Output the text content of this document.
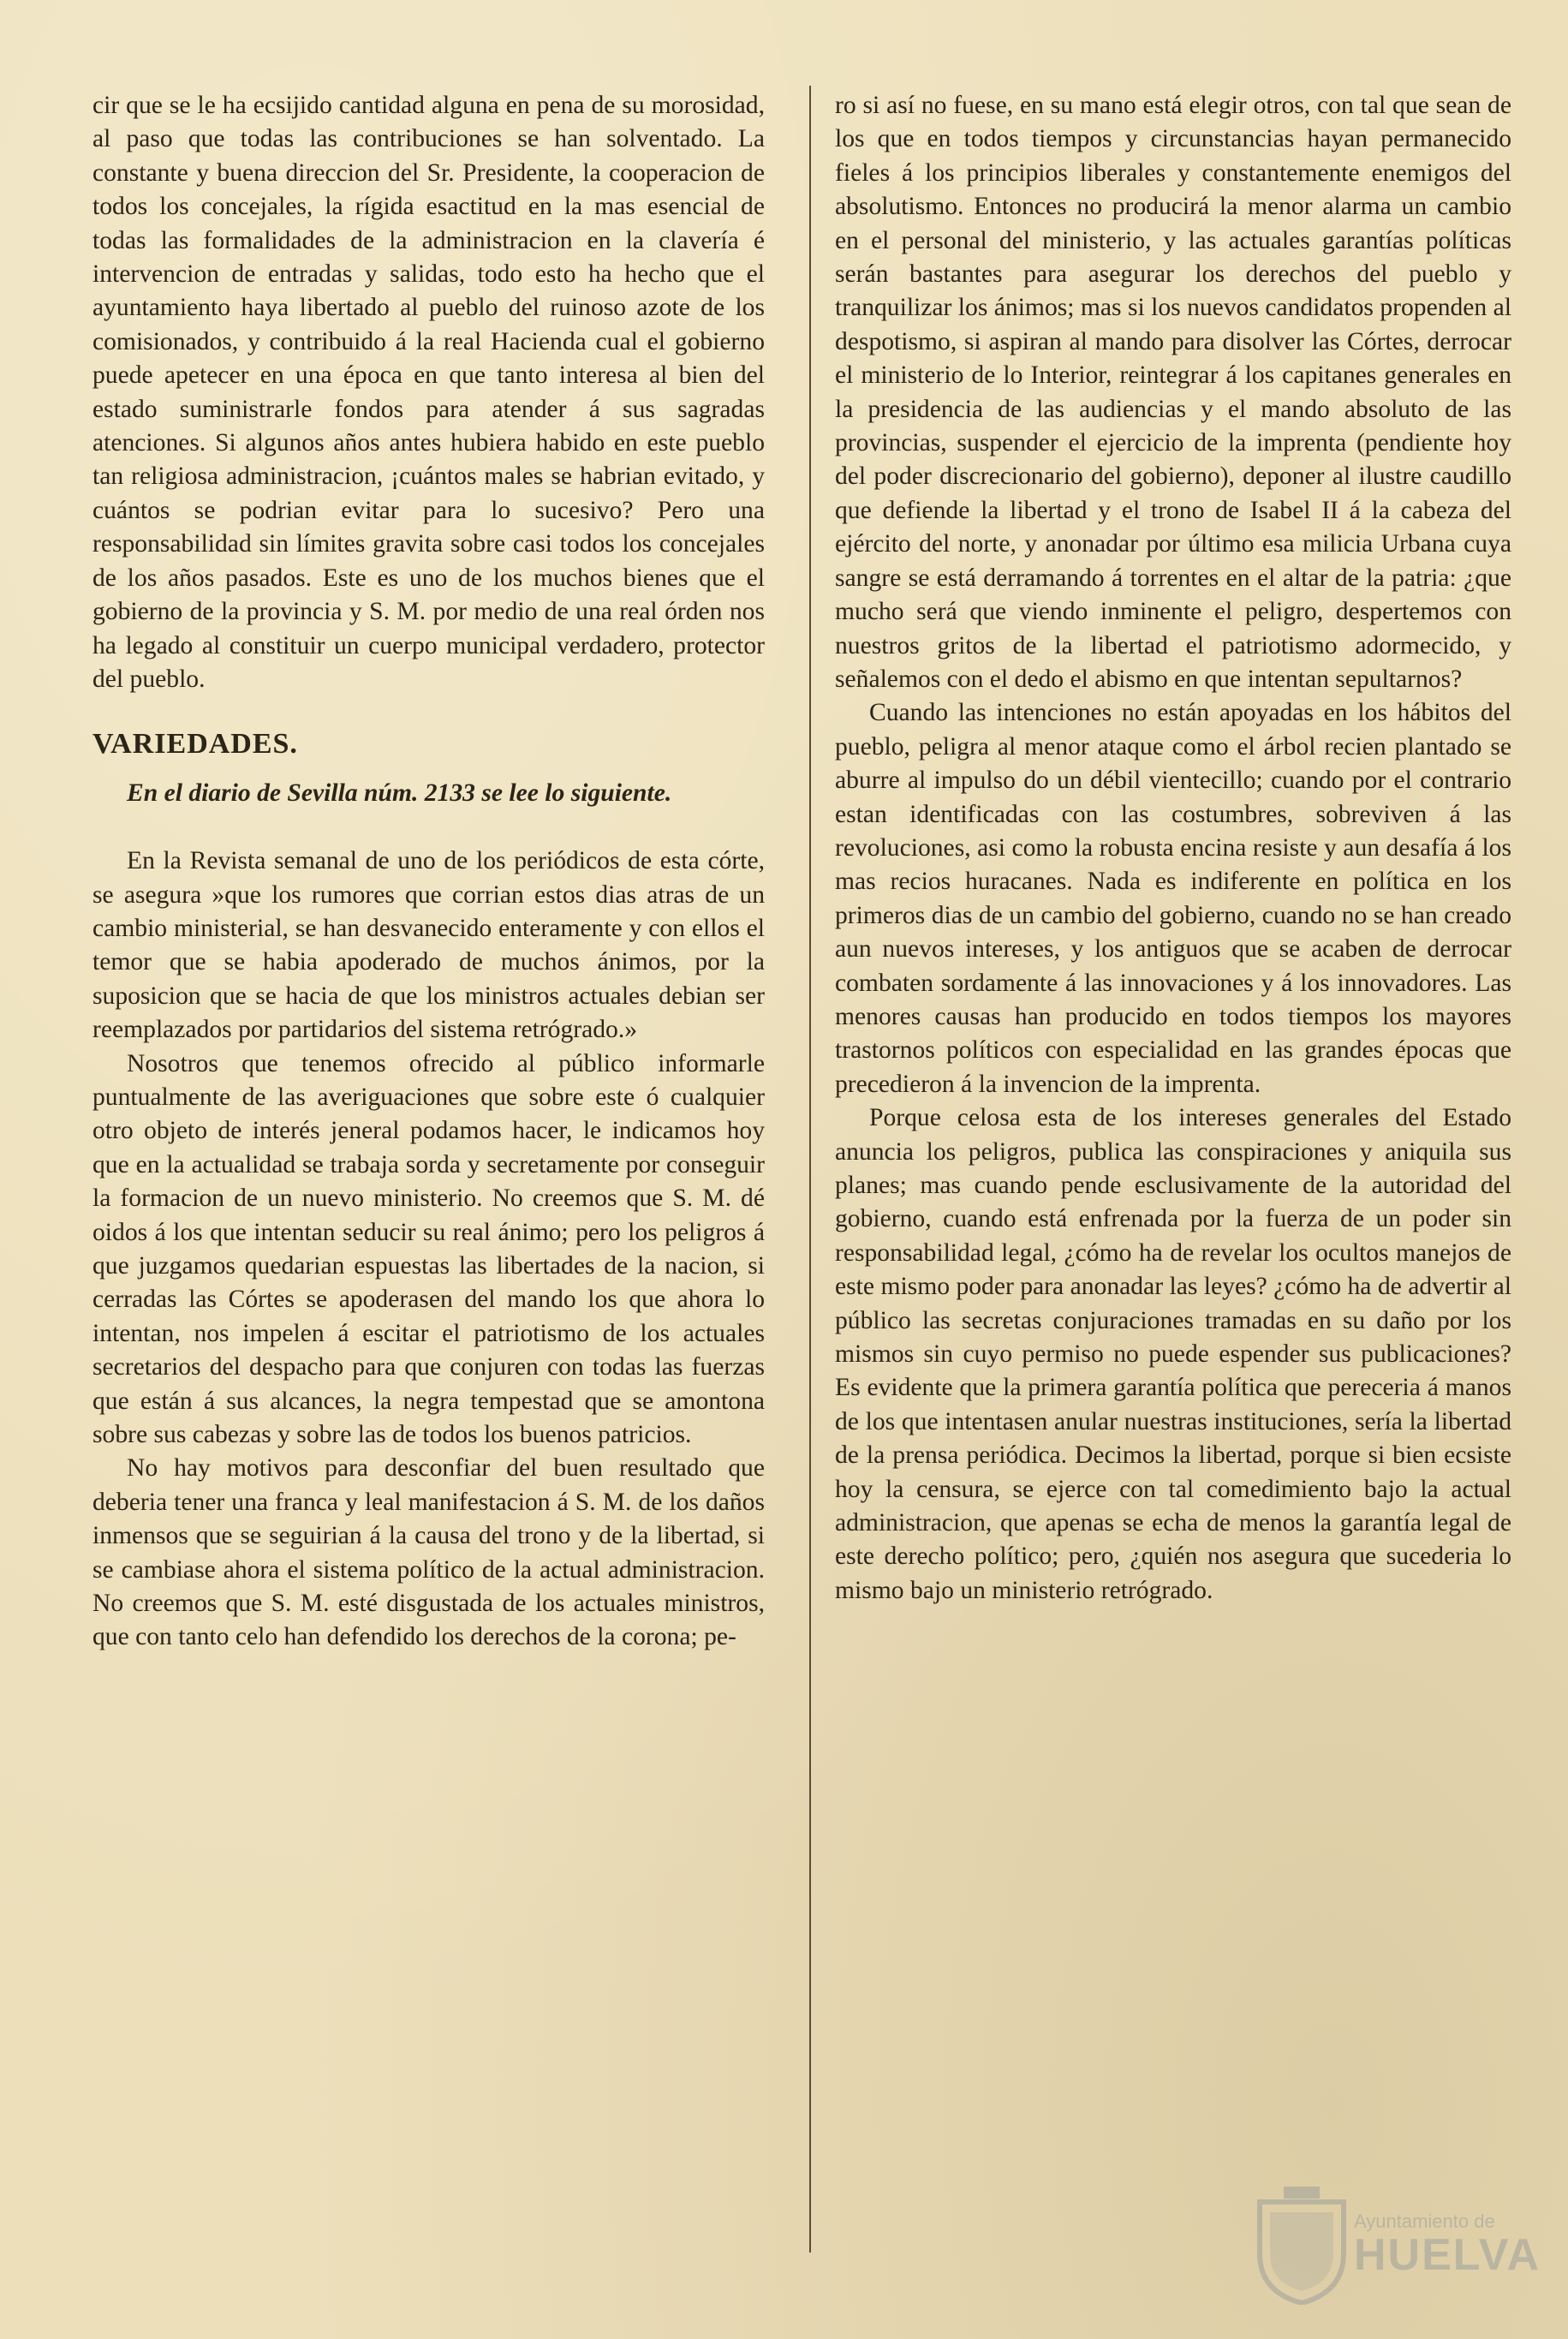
cir que se le ha ecsijido cantidad alguna en pena de su morosidad, al paso que todas las contribuciones se han solventado. La constante y buena direccion del Sr. Presidente, la cooperacion de todos los concejales, la rígida esactitud en la mas esencial de todas las formalidades de la administracion en la clavería é intervencion de entradas y salidas, todo esto ha hecho que el ayuntamiento haya libertado al pueblo del ruinoso azote de los comisionados, y contribuido á la real Hacienda cual el gobierno puede apetecer en una época en que tanto interesa al bien del estado suministrarle fondos para atender á sus sagradas atenciones. Si algunos años antes hubiera habido en este pueblo tan religiosa administracion, ¡cuántos males se habrian evitado, y cuántos se podrian evitar para lo sucesivo? Pero una responsabilidad sin límites gravita sobre casi todos los concejales de los años pasados. Este es uno de los muchos bienes que el gobierno de la provincia y S. M. por medio de una real órden nos ha legado al constituir un cuerpo municipal verdadero, protector del pueblo.

VARIEDADES.

En el diario de Sevilla núm. 2133 se lee lo siguiente.

En la Revista semanal de uno de los periódicos de esta córte, se asegura »que los rumores que corrian estos dias atras de un cambio ministerial, se han desvanecido enteramente y con ellos el temor que se habia apoderado de muchos ánimos, por la suposicion que se hacia de que los ministros actuales debian ser reemplazados por partidarios del sistema retrógrado.»

Nosotros que tenemos ofrecido al público informarle puntualmente de las averiguaciones que sobre este ó cualquier otro objeto de interés jeneral podamos hacer, le indicamos hoy que en la actualidad se trabaja sorda y secretamente por conseguir la formacion de un nuevo ministerio. No creemos que S. M. dé oidos á los que intentan seducir su real ánimo; pero los peligros á que juzgamos quedarian espuestas las libertades de la nacion, si cerradas las Córtes se apoderasen del mando los que ahora lo intentan, nos impelen á escitar el patriotismo de los actuales secretarios del despacho para que conjuren con todas las fuerzas que están á sus alcances, la negra tempestad que se amontona sobre sus cabezas y sobre las de todos los buenos patricios.

No hay motivos para desconfiar del buen resultado que deberia tener una franca y leal manifestacion á S. M. de los daños inmensos que se seguirian á la causa del trono y de la libertad, si se cambiase ahora el sistema político de la actual administracion. No creemos que S. M. esté disgustada de los actuales ministros, que con tanto celo han defendido los derechos de la corona; pe-

ro si así no fuese, en su mano está elegir otros, con tal que sean de los que en todos tiempos y circunstancias hayan permanecido fieles á los principios liberales y constantemente enemigos del absolutismo. Entonces no producirá la menor alarma un cambio en el personal del ministerio, y las actuales garantías políticas serán bastantes para asegurar los derechos del pueblo y tranquilizar los ánimos; mas si los nuevos candidatos propenden al despotismo, si aspiran al mando para disolver las Córtes, derrocar el ministerio de lo Interior, reintegrar á los capitanes generales en la presidencia de las audiencias y el mando absoluto de las provincias, suspender el ejercicio de la imprenta (pendiente hoy del poder discrecionario del gobierno), deponer al ilustre caudillo que defiende la libertad y el trono de Isabel II á la cabeza del ejército del norte, y anonadar por último esa milicia Urbana cuya sangre se está derramando á torrentes en el altar de la patria: ¿que mucho será que viendo inminente el peligro, despertemos con nuestros gritos de la libertad el patriotismo adormecido, y señalemos con el dedo el abismo en que intentan sepultarnos?

Cuando las intenciones no están apoyadas en los hábitos del pueblo, peligra al menor ataque como el árbol recien plantado se aburre al impulso do un débil vientecillo; cuando por el contrario estan identificadas con las costumbres, sobreviven á las revoluciones, asi como la robusta encina resiste y aun desafía á los mas recios huracanes. Nada es indiferente en política en los primeros dias de un cambio del gobierno, cuando no se han creado aun nuevos intereses, y los antiguos que se acaben de derrocar combaten sordamente á las innovaciones y á los innovadores. Las menores causas han producido en todos tiempos los mayores trastornos políticos con especialidad en las grandes épocas que precedieron á la invencion de la imprenta.

Porque celosa esta de los intereses generales del Estado anuncia los peligros, publica las conspiraciones y aniquila sus planes; mas cuando pende esclusivamente de la autoridad del gobierno, cuando está enfrenada por la fuerza de un poder sin responsabilidad legal, ¿cómo ha de revelar los ocultos manejos de este mismo poder para anonadar las leyes? ¿cómo ha de advertir al público las secretas conjuraciones tramadas en su daño por los mismos sin cuyo permiso no puede espender sus publicaciones? Es evidente que la primera garantía política que pereceria á manos de los que intentasen anular nuestras instituciones, sería la libertad de la prensa periódica. Decimos la libertad, porque si bien ecsiste hoy la censura, se ejerce con tal comedimiento bajo la actual administracion, que apenas se echa de menos la garantía legal de este derecho político; pero, ¿quién nos asegura que sucederia lo mismo bajo un ministerio retrógrado.

Ayuntamiento de
HUELVA
